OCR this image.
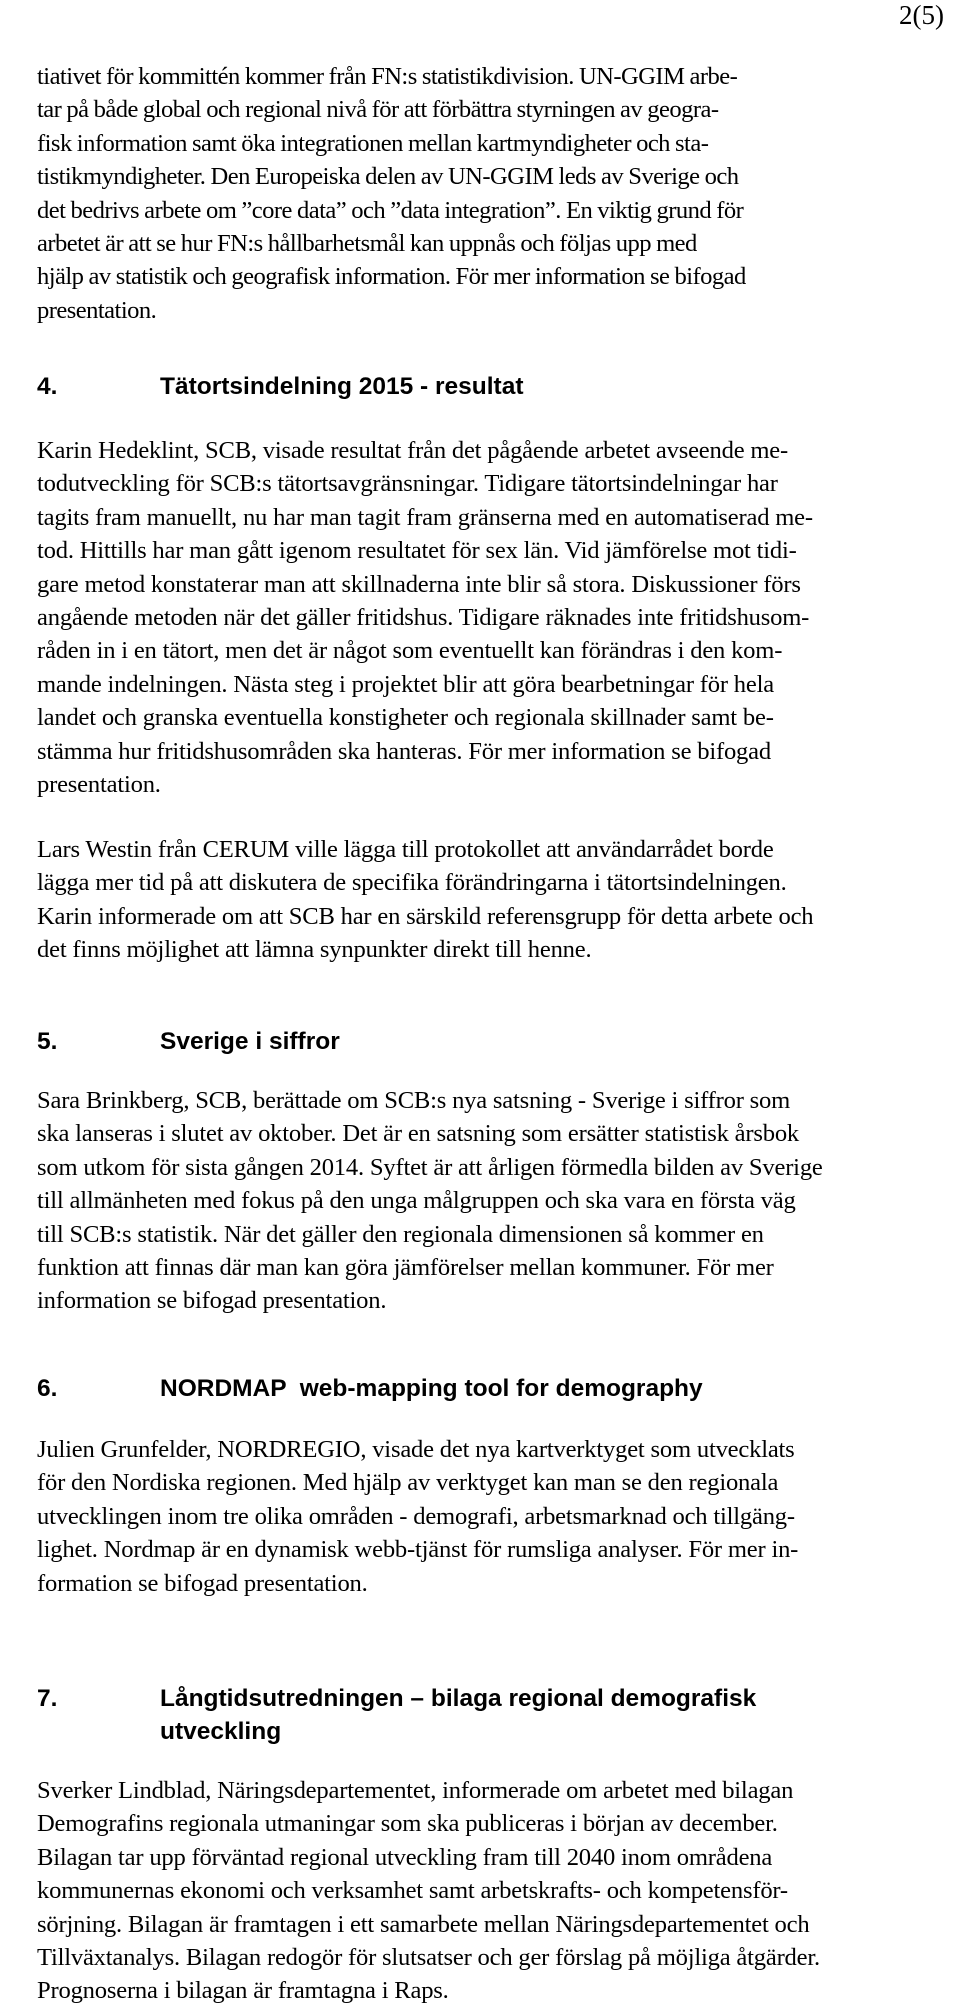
2(5)

tiativet för kommittén kommer från FN:s statistikdivision. UN-GGIM arbe-
tar på både global och regional nivå för att förbättra styrningen av geogra-
fisk information samt öka integrationen mellan kartmyndigheter och sta-
tistikmyndigheter. Den Europeiska delen av UN-GGIM leds av Sverige och
det bedrivs arbete om ”core data” och ”data integration”. En viktig grund för
arbetet är att se hur FN:s hållbarhetsmål kan uppnås och följas upp med
hjälp av statistik och geografisk information. För mer information se bifogad
presentation.

4.	Tätortsindelning 2015 - resultat

Karin Hedeklint, SCB, visade resultat från det pågående arbetet avseende me-
todutveckling för SCB:s tätortsavgränsningar. Tidigare tätortsindelningar har
tagits fram manuellt, nu har man tagit fram gränserna med en automatiserad me-
tod. Hittills har man gått igenom resultatet för sex län. Vid jämförelse mot tidi-
gare metod konstaterar man att skillnaderna inte blir så stora. Diskussioner förs
angående metoden när det gäller fritidshus. Tidigare räknades inte fritidshusom-
råden in i en tätort, men det är något som eventuellt kan förändras i den kom-
mande indelningen. Nästa steg i projektet blir att göra bearbetningar för hela
landet och granska eventuella konstigheter och regionala skillnader samt be-
stämma hur fritidshusområden ska hanteras. För mer information se bifogad
presentation.

Lars Westin från CERUM ville lägga till protokollet att användarrådet borde
lägga mer tid på att diskutera de specifika förändringarna i tätortsindelningen.
Karin informerade om att SCB har en särskild referensgrupp för detta arbete och
det finns möjlighet att lämna synpunkter direkt till henne.

5.	Sverige i siffror

Sara Brinkberg, SCB, berättade om SCB:s nya satsning - Sverige i siffror som
ska lanseras i slutet av oktober. Det är en satsning som ersätter statistisk årsbok
som utkom för sista gången 2014. Syftet är att årligen förmedla bilden av Sverige
till allmänheten med fokus på den unga målgruppen och ska vara en första väg
till SCB:s statistik. När det gäller den regionala dimensionen så kommer en
funktion att finnas där man kan göra jämförelser mellan kommuner. För mer
information se bifogad presentation.

6.	NORDMAP  web-mapping tool for demography

Julien Grunfelder, NORDREGIO, visade det nya kartverktyget som utvecklats
för den Nordiska regionen. Med hjälp av verktyget kan man se den regionala
utvecklingen inom tre olika områden - demografi, arbetsmarknad och tillgäng-
lighet. Nordmap är en dynamisk webb-tjänst för rumsliga analyser. För mer in-
formation se bifogad presentation.

7.	Långtidsutredningen – bilaga regional demografisk
utveckling

Sverker Lindblad, Näringsdepartementet, informerade om arbetet med bilagan
Demografins regionala utmaningar som ska publiceras i början av december.
Bilagan tar upp förväntad regional utveckling fram till 2040 inom områdena
kommunernas ekonomi och verksamhet samt arbetskrafts- och kompetensför-
sörjning. Bilagan är framtagen i ett samarbete mellan Näringsdepartementet och
Tillväxtanalys. Bilagan redogör för slutsatser och ger förslag på möjliga åtgärder.
Prognoserna i bilagan är framtagna i Raps.
